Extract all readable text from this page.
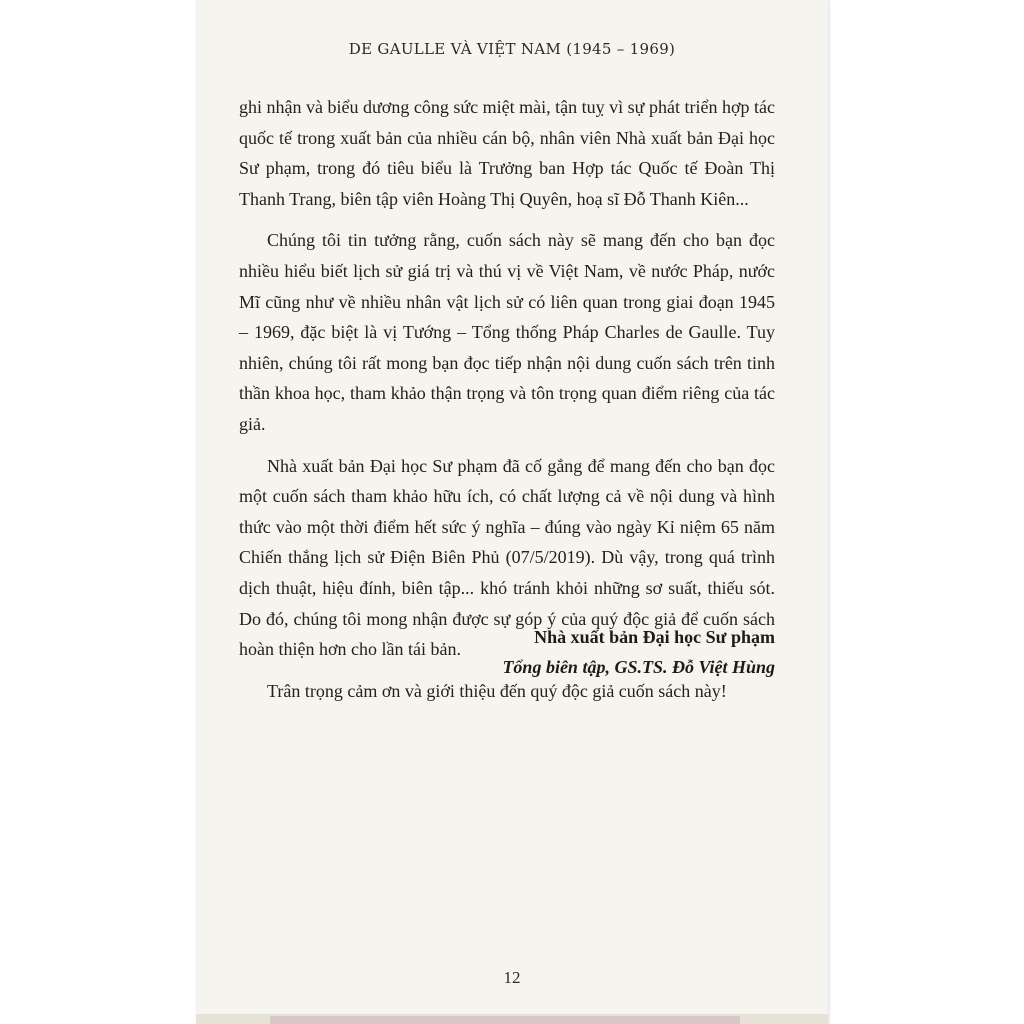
DE GAULLE VÀ VIỆT NAM (1945 – 1969)

ghi nhận và biểu dương công sức miệt mài, tận tuỵ vì sự phát triển hợp tác quốc tế trong xuất bản của nhiều cán bộ, nhân viên Nhà xuất bản Đại học Sư phạm, trong đó tiêu biểu là Trưởng ban Hợp tác Quốc tế Đoàn Thị Thanh Trang, biên tập viên Hoàng Thị Quyên, hoạ sĩ Đỗ Thanh Kiên...

Chúng tôi tin tưởng rằng, cuốn sách này sẽ mang đến cho bạn đọc nhiều hiểu biết lịch sử giá trị và thú vị về Việt Nam, về nước Pháp, nước Mĩ cũng như về nhiều nhân vật lịch sử có liên quan trong giai đoạn 1945 – 1969, đặc biệt là vị Tướng – Tổng thống Pháp Charles de Gaulle. Tuy nhiên, chúng tôi rất mong bạn đọc tiếp nhận nội dung cuốn sách trên tinh thần khoa học, tham khảo thận trọng và tôn trọng quan điểm riêng của tác giả.

Nhà xuất bản Đại học Sư phạm đã cố gắng để mang đến cho bạn đọc một cuốn sách tham khảo hữu ích, có chất lượng cả về nội dung và hình thức vào một thời điểm hết sức ý nghĩa – đúng vào ngày Kỉ niệm 65 năm Chiến thắng lịch sử Điện Biên Phủ (07/5/2019). Dù vậy, trong quá trình dịch thuật, hiệu đính, biên tập... khó tránh khỏi những sơ suất, thiếu sót. Do đó, chúng tôi mong nhận được sự góp ý của quý độc giả để cuốn sách hoàn thiện hơn cho lần tái bản.

Trân trọng cảm ơn và giới thiệu đến quý độc giả cuốn sách này!

Nhà xuất bản Đại học Sư phạm
Tổng biên tập, GS.TS. Đỗ Việt Hùng
12
